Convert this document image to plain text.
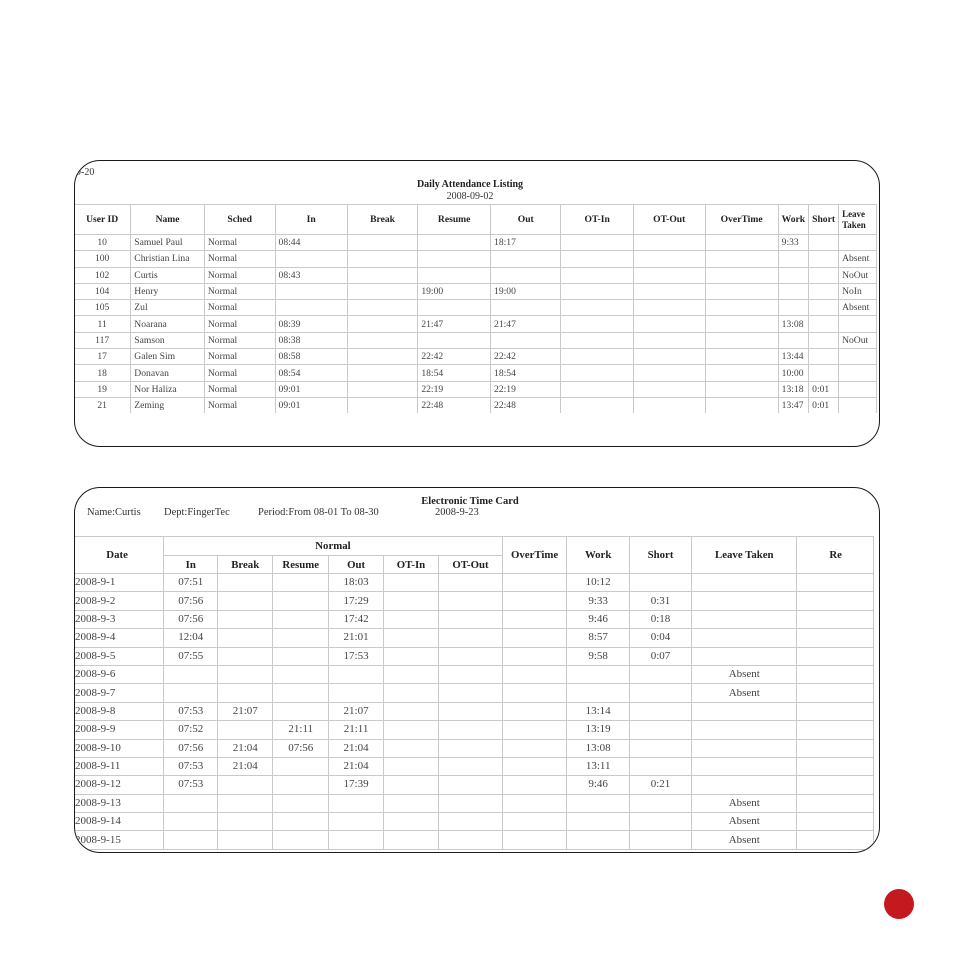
9-20
Daily Attendance Listing
2008-09-02
User ID	Name	Sched	In	Break	Resume	Out	OT-In	OT-Out	OverTime	Work	Short	Leave
Taken
10	Samuel Paul	Normal	08:44			18:17				9:33		
100	Christian Lina	Normal										Absent
102	Curtis	Normal	08:43									NoOut
104	Henry	Normal			19:00	19:00						NoIn
105	Zul	Normal										Absent
11	Noarana	Normal	08:39		21:47	21:47				13:08		
117	Samson	Normal	08:38									NoOut
17	Galen Sim	Normal	08:58		22:42	22:42				13:44		
18	Donavan	Normal	08:54		18:54	18:54				10:00		
19	Nor Haliza	Normal	09:01		22:19	22:19				13:18	0:01	
21	Zeming	Normal	09:01		22:48	22:48				13:47	0:01	
Electronic Time Card
Name:Curtis Dept:FingerTec	Period:From 08-01 To 08-30	2008-9-23
Date	Normal						OverTime	Work	Short	Leave Taken	Re
	In	Break	Resume	Out	OT-In	OT-Out					
2008-9-1	07:51			18:03				10:12			
2008-9-2	07:56			17:29				9:33	0:31		
2008-9-3	07:56			17:42				9:46	0:18		
2008-9-4	12:04			21:01				8:57	0:04		
2008-9-5	07:55			17:53				9:58	0:07		
2008-9-6										Absent	
2008-9-7										Absent	
2008-9-8	07:53	21:07		21:07				13:14			
2008-9-9	07:52		21:11	21:11				13:19			
2008-9-10	07:56	21:04	07:56	21:04				13:08			
2008-9-11	07:53	21:04		21:04				13:11			
2008-9-12	07:53			17:39				9:46	0:21		
2008-9-13										Absent	
2008-9-14										Absent	
2008-9-15										Absent	
